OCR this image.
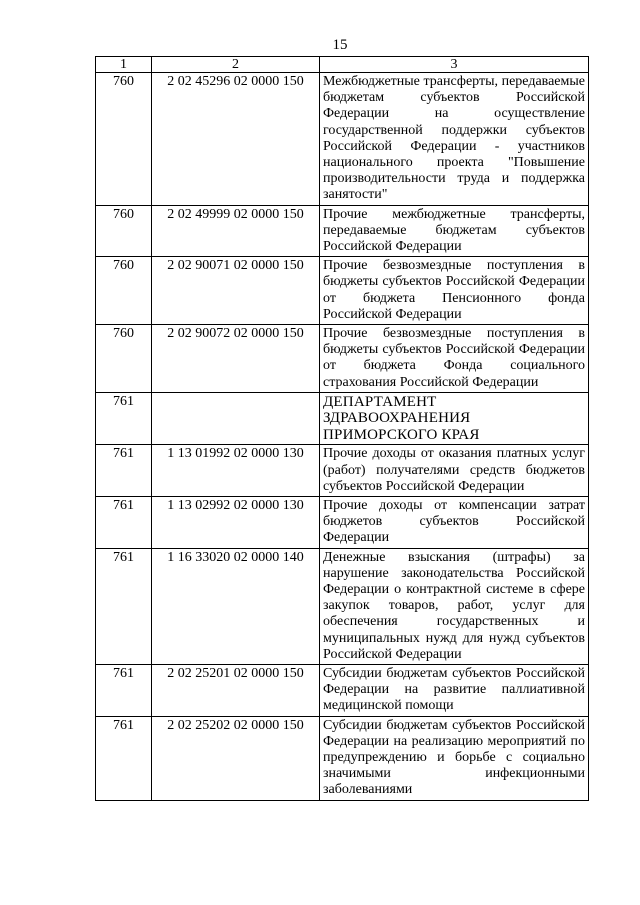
15
1	2	3
760	2 02 45296 02 0000 150	Межбюджетные трансферты, передаваемые бюджетам субъектов Российской Федерации на осуществление государственной поддержки субъектов Российской Федерации - участников национального проекта "Повышение производительности труда и поддержка занятости"
760	2 02 49999 02 0000 150	Прочие межбюджетные трансферты, передаваемые бюджетам субъектов Российской Федерации
760	2 02 90071 02 0000 150	Прочие безвозмездные поступления в бюджеты субъектов Российской Федерации от бюджета Пенсионного фонда Российской Федерации
760	2 02 90072 02 0000 150	Прочие безвозмездные поступления в бюджеты субъектов Российской Федерации от бюджета Фонда социального страхования Российской Федерации
761		ДЕПАРТАМЕНТ ЗДРАВООХРАНЕНИЯ ПРИМОРСКОГО КРАЯ
761	1 13 01992 02 0000 130	Прочие доходы от оказания платных услуг (работ) получателями средств бюджетов субъектов Российской Федерации
761	1 13 02992 02 0000 130	Прочие доходы от компенсации затрат бюджетов субъектов Российской Федерации
761	1 16 33020 02 0000 140	Денежные взыскания (штрафы) за нарушение законодательства Российской Федерации о контрактной системе в сфере закупок товаров, работ, услуг для обеспечения государственных и муниципальных нужд для нужд субъектов Российской Федерации
761	2 02 25201 02 0000 150	Субсидии бюджетам субъектов Российской Федерации на развитие паллиативной медицинской помощи
761	2 02 25202 02 0000 150	Субсидии бюджетам субъектов Российской Федерации на реализацию мероприятий по предупреждению и борьбе с социально значимыми инфекционными заболеваниями
